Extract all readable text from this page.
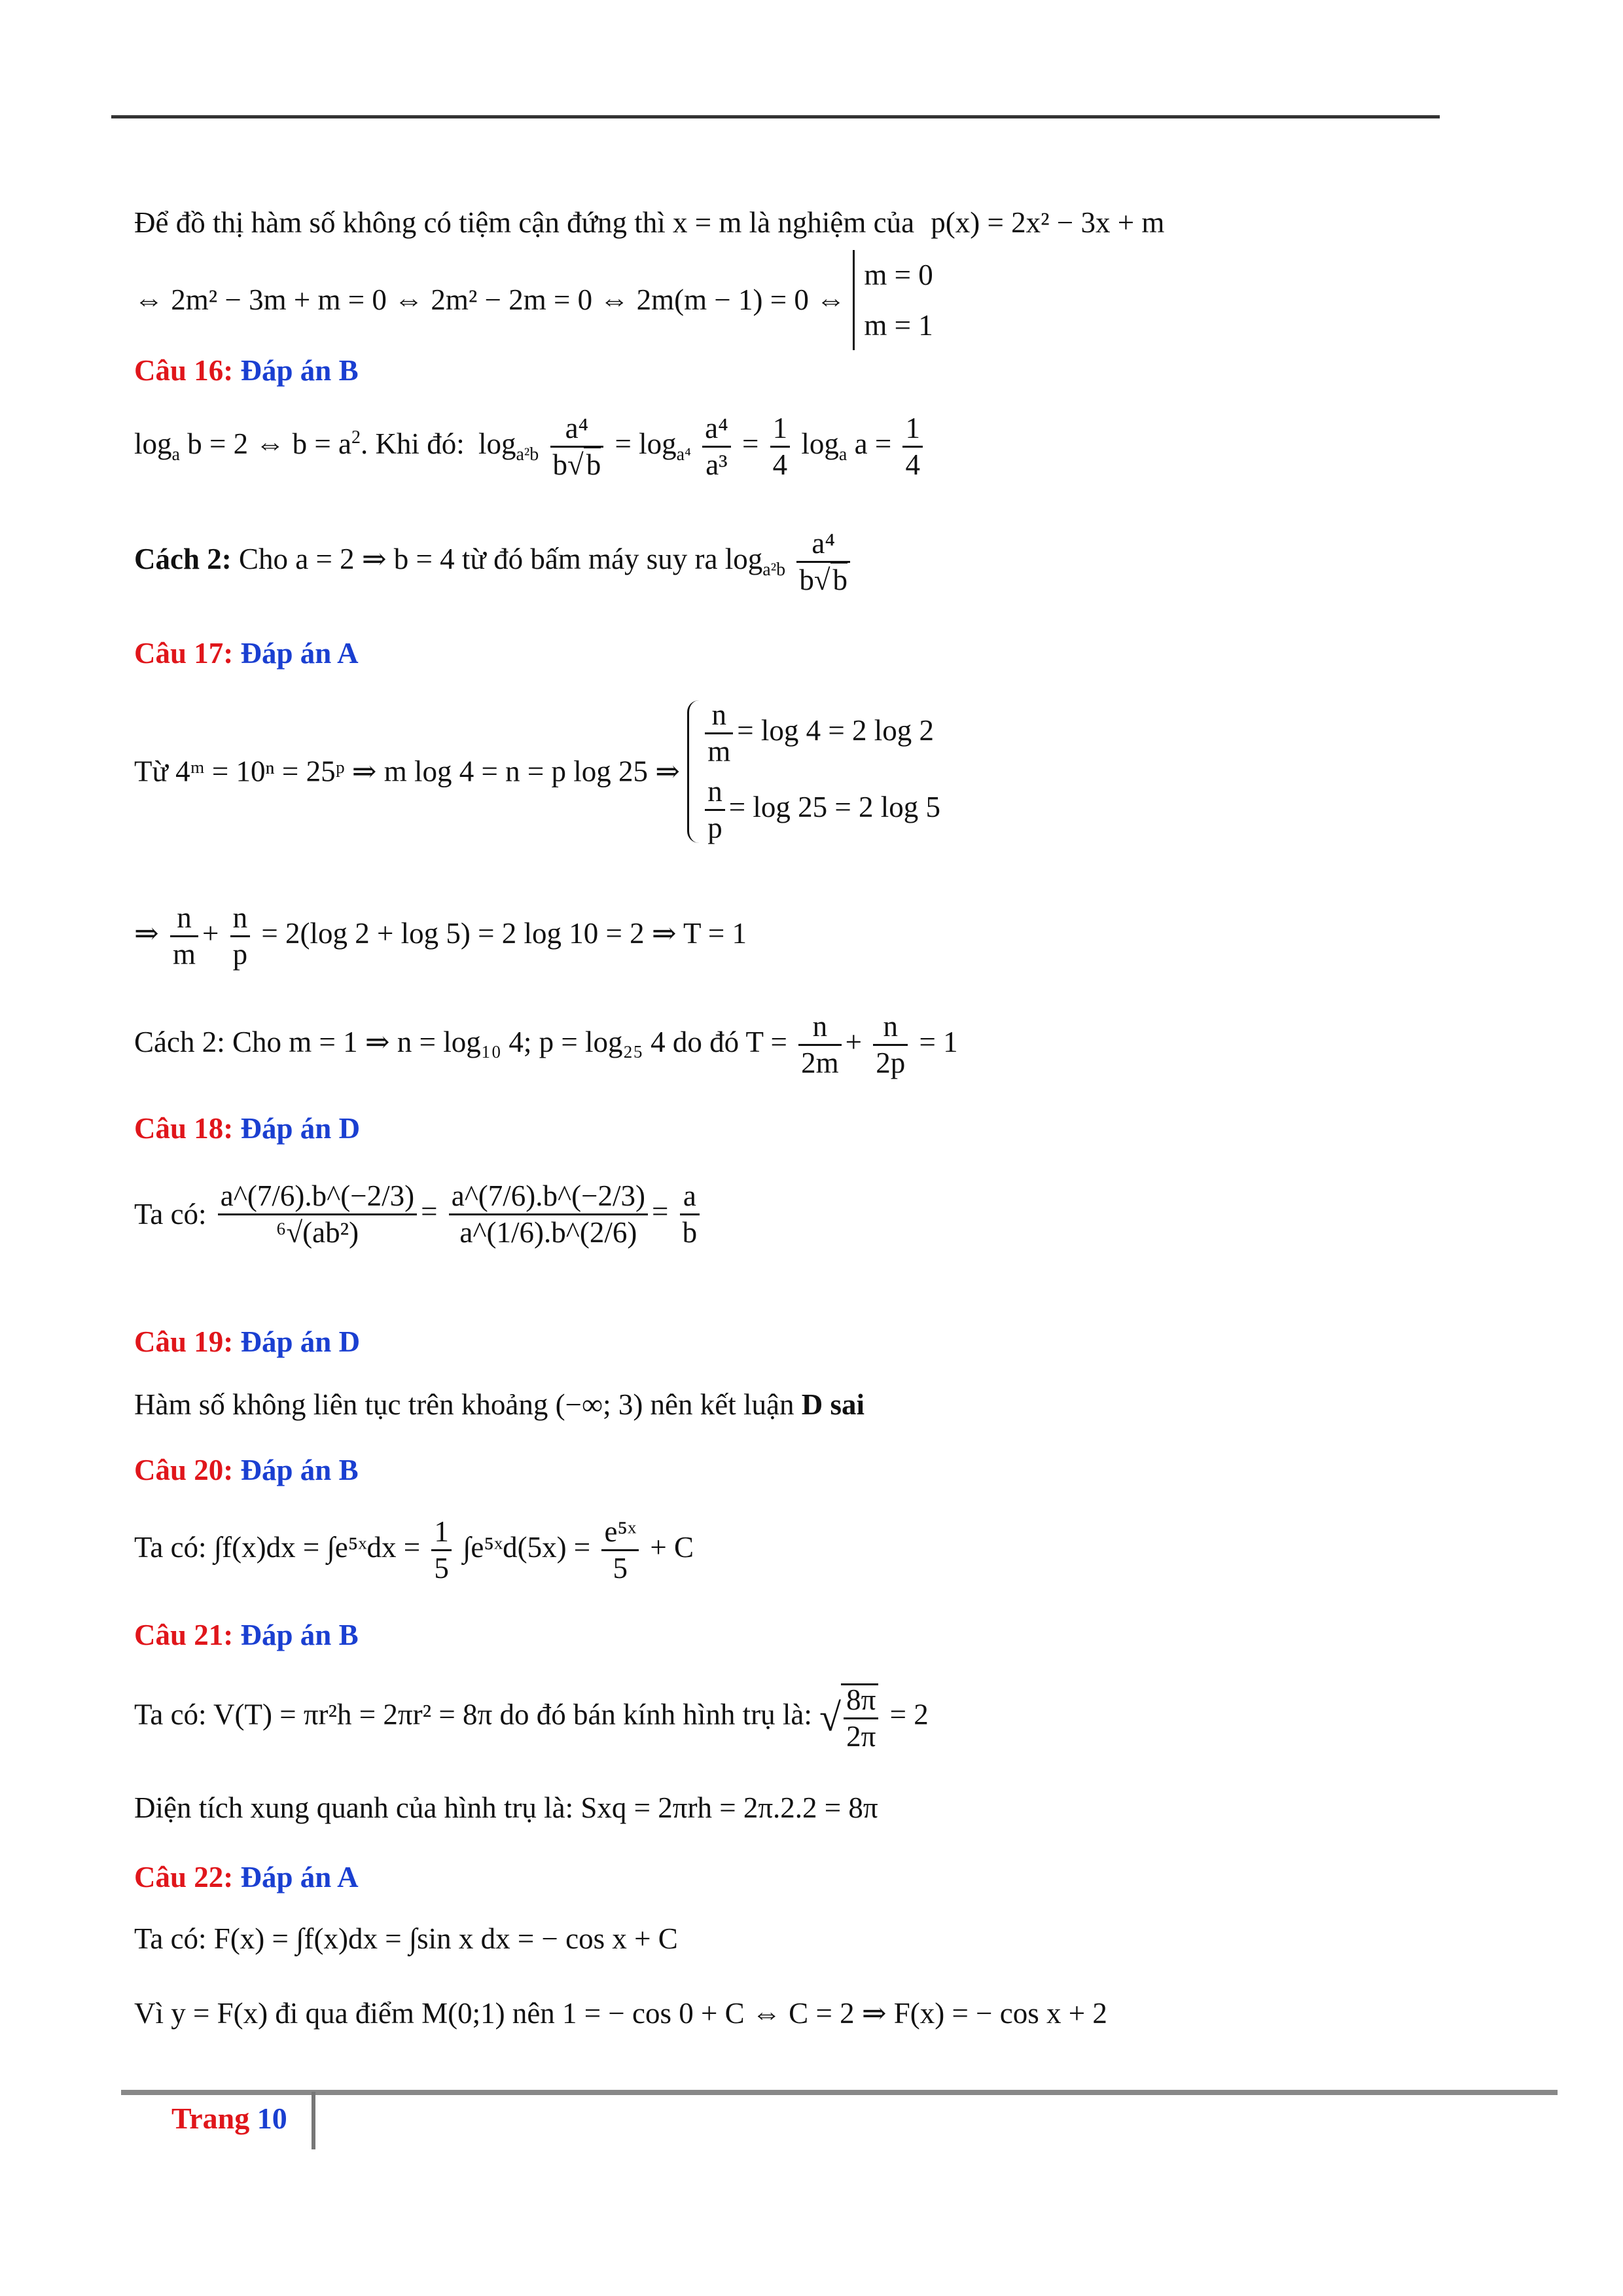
Để đồ thị hàm số không có tiệm cận đứng thì x = m là nghiệm của p(x) = 2x² − 3x + m
⇔ 2m² − 3m + m = 0 ⇔ 2m² − 2m = 0 ⇔ 2m(m − 1) = 0 ⇔
m = 0
m = 1
Câu 16: Đáp án B
$\log_a b = 2$ ⇔ $b = a^2$. Khi đó: $\log_{a^2b} \frac{\text{a⁴}}{b√b} = \log_{a^4} \frac{\text{a⁴}}{\text{a³}} = \frac{1}{4} \log_a a = \frac{1}{4}$
Cách 2: Cho a = 2 ⇒ b = 4 từ đó bấm máy suy ra $\log_{a^2b} \frac{\text{a⁴}}{b√b}$
Câu 17: Đáp án A
Từ 4ᵐ = 10ⁿ = 25ᵖ ⇒ m log 4 = n = p log 25 ⇒
$\frac{n}{m} = \log 4 = 2$ log 2
$\frac{n}{p} = \log 25 = 2$ log 5
⇒ $\frac{n}{m} + \frac{n}{p} = 2(\log$ 2 + log 5) = 2 log 10 = 2 ⇒ T = 1
Cách 2: Cho m = 1 ⇒ n = log₁₀ 4; p = log₂₅ 4 do đó $T = \frac{n}{2m} + \frac{n}{2p} = 1$
Câu 18: Đáp án D
Ta có: $\frac{a\^{}(7/6).b\^{}(-2/3)}{\text{⁶√(ab²)}} = \frac{a\^{}(7/6).b\^{}(-2/3)}{a\^{}(1/6).b\^{}(2/6)} = \frac{a}{b}$
Câu 19: Đáp án D
Hàm số không liên tục trên khoảng (−∞; 3) nên kết luận D sai
Câu 20: Đáp án B
Ta có: ∫f(x)dx = ∫e⁵ˣdx = $\frac{1}{5}$ ∫e⁵ˣd(5x) = $\frac{\text{e⁵ˣ}}{5} + C$
Câu 21: Đáp án B
Ta có: V(T) = πr²h = 2πr² = 8π do đó bán kính hình trụ là: √ $\frac{8\pi}{2\pi} = 2$
Diện tích xung quanh của hình trụ là: Sxq = 2πrh = 2π.2.2 = 8π
Câu 22: Đáp án A
Ta có: F(x) = ∫f(x)dx = ∫sin x dx = − cos x + C
Vì y = F(x) đi qua điểm M(0;1) nên 1 = − cos 0 + C ⇔ C = 2 ⇒ F(x) = − cos x + 2
Trang 10
